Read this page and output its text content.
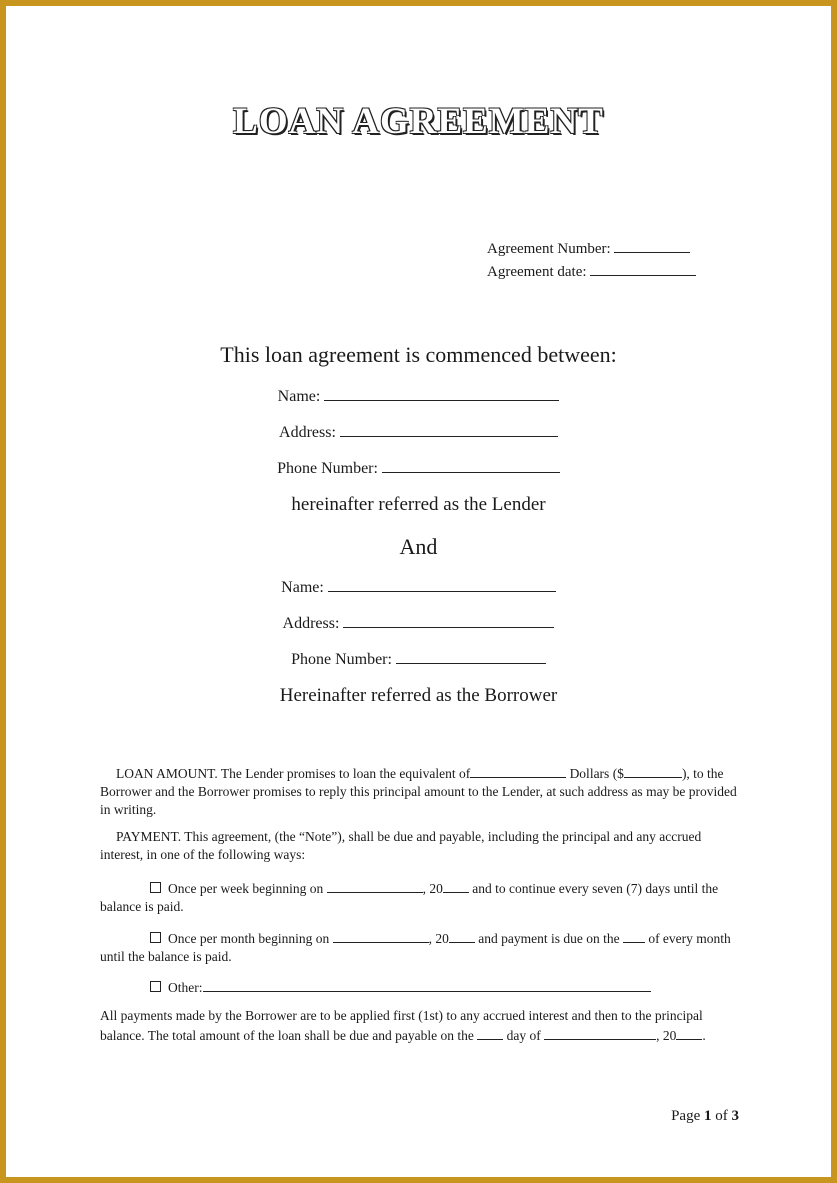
LOAN AGREEMENT
Agreement Number:
Agreement date:
This loan agreement is commenced between:
Name:
Address:
Phone Number:
hereinafter referred as the Lender
And
Name:
Address:
Phone Number:
Hereinafter referred as the Borrower
LOAN AMOUNT. The Lender promises to loan the equivalent of	Dollars ($	), to the Borrower and the Borrower promises to reply this principal amount to the Lender, at such address as may be provided in writing.
PAYMENT. This agreement, (the “Note”), shall be due and payable, including the principal and any accrued interest, in one of the following ways:
Once per week beginning on	, 20 and to continue every seven (7) days until the balance is paid.
Once per month beginning on	, 20 and payment is due on the of every month until the balance is paid.
Other:
All payments made by the Borrower are to be applied first (1st) to any accrued interest and then to the principal balance. The total amount of the loan shall be due and payable on the day of	, 20 .
Page 1 of 3
